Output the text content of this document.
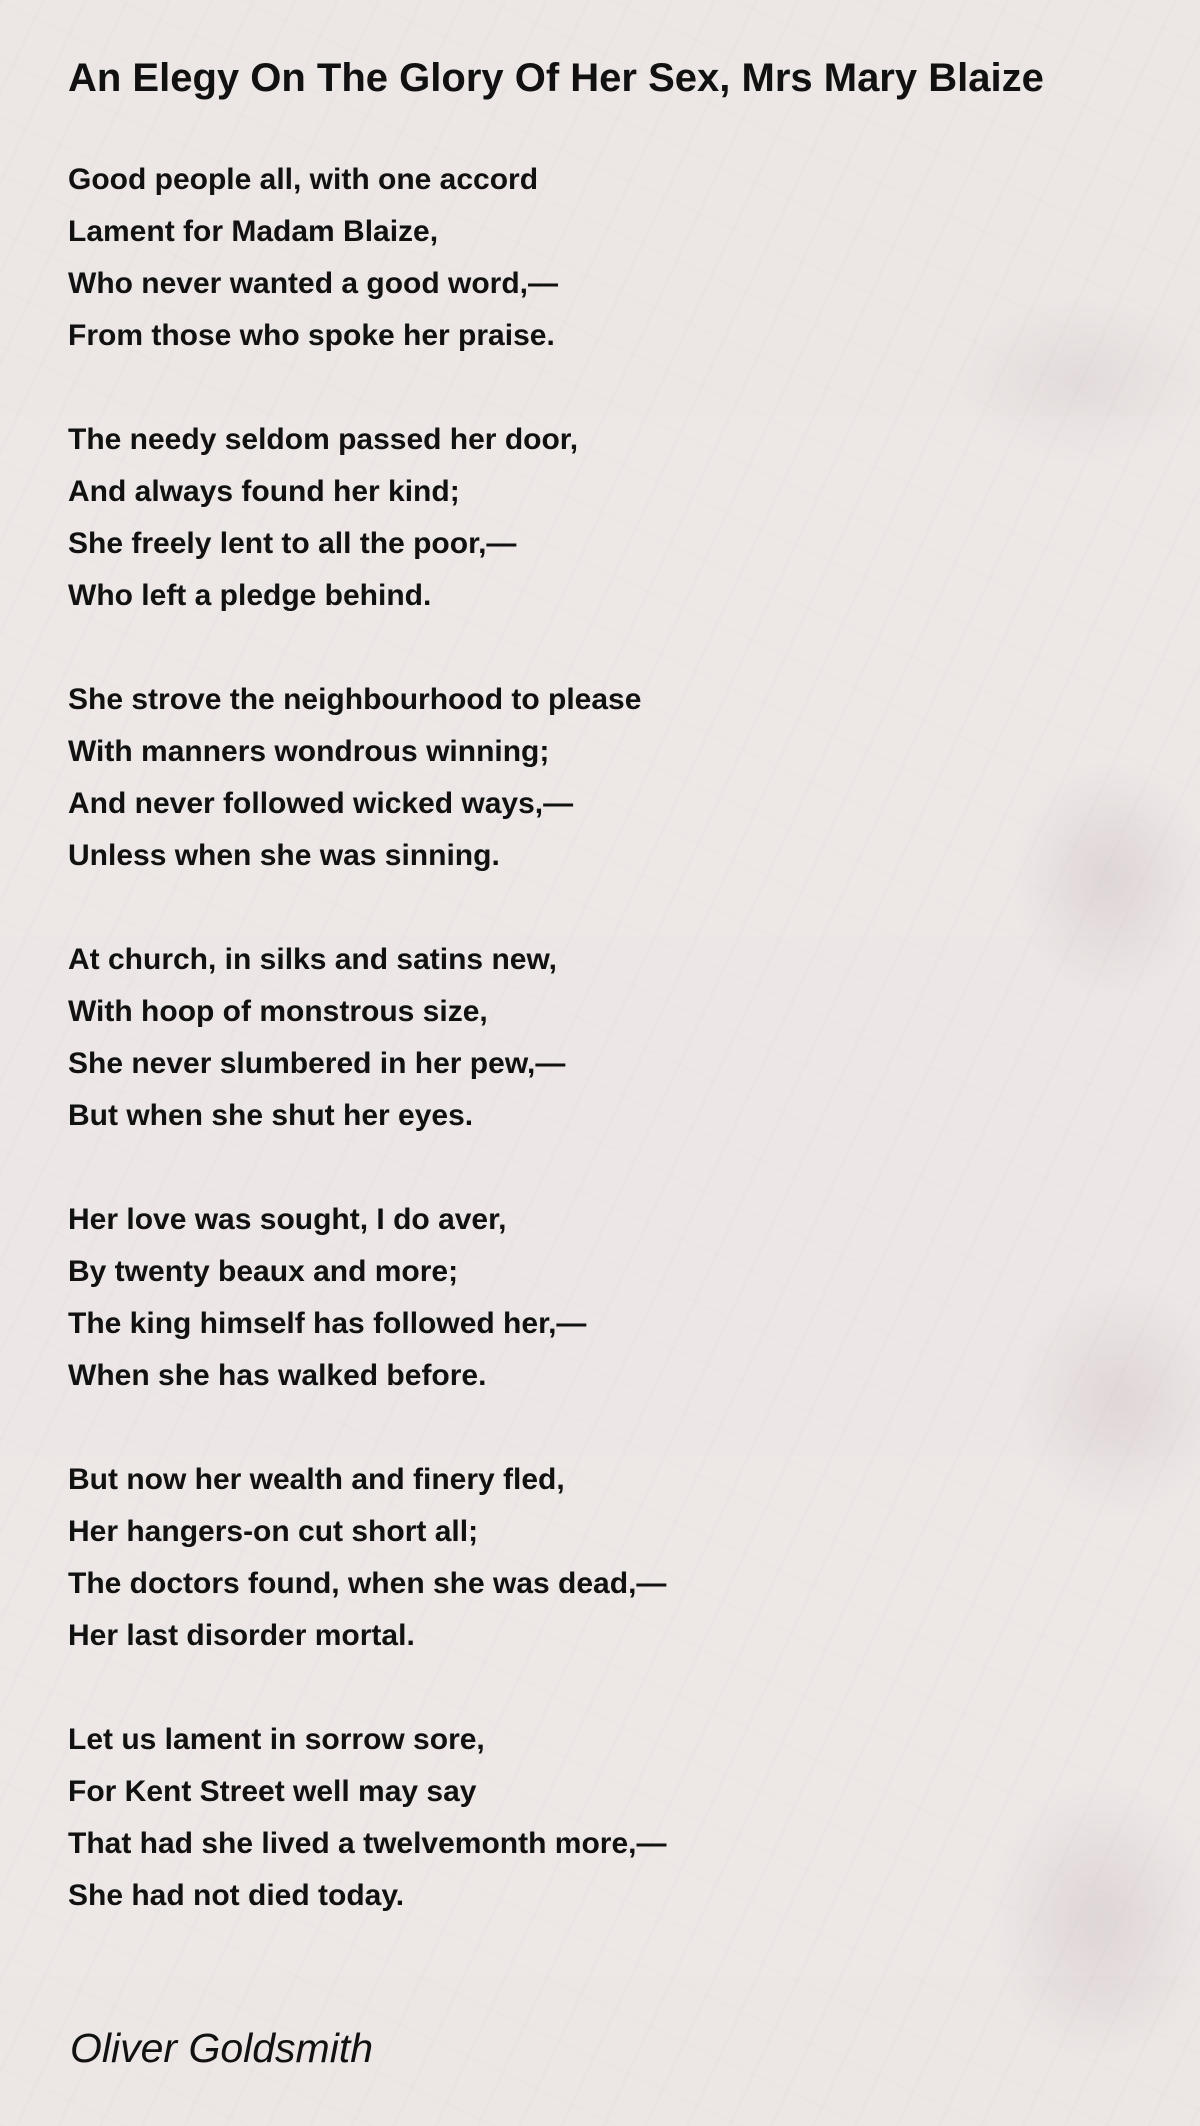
An Elegy On The Glory Of Her Sex, Mrs Mary Blaize
Good people all, with one accord
Lament for Madam Blaize,
Who never wanted a good word,—
From those who spoke her praise.
The needy seldom passed her door,
And always found her kind;
She freely lent to all the poor,—
Who left a pledge behind.
She strove the neighbourhood to please
With manners wondrous winning;
And never followed wicked ways,—
Unless when she was sinning.
At church, in silks and satins new,
With hoop of monstrous size,
She never slumbered in her pew,—
But when she shut her eyes.
Her love was sought, I do aver,
By twenty beaux and more;
The king himself has followed her,—
When she has walked before.
But now her wealth and finery fled,
Her hangers-on cut short all;
The doctors found, when she was dead,—
Her last disorder mortal.
Let us lament in sorrow sore,
For Kent Street well may say
That had she lived a twelvemonth more,—
She had not died today.
Oliver Goldsmith
